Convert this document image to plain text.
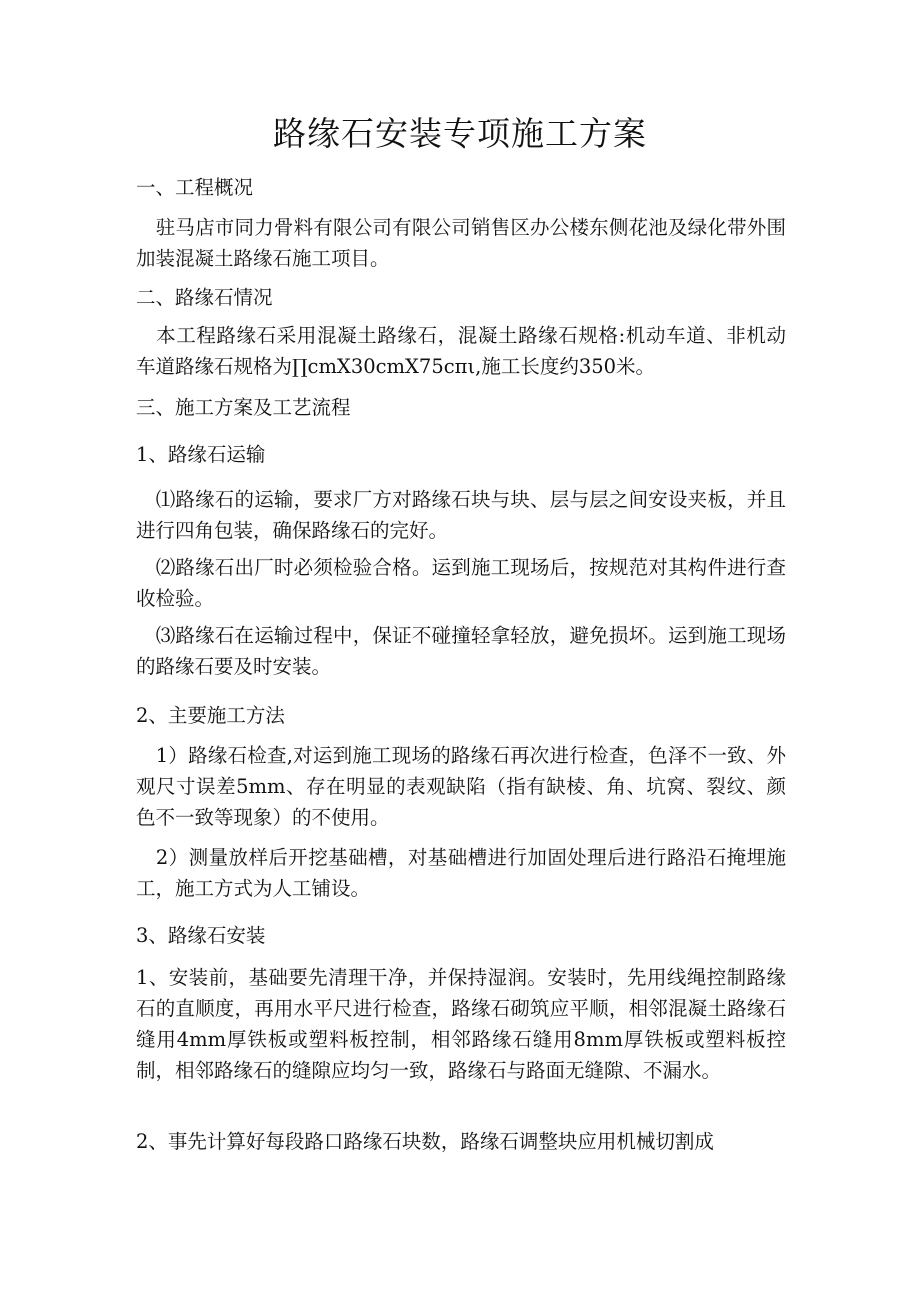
路缘石安装专项施工方案

一、工程概况

　驻马店市同力骨料有限公司有限公司销售区办公楼东侧花池及绿化带外围加装混凝土路缘石施工项目。

二、路缘石情况

　本工程路缘石采用混凝土路缘石，混凝土路缘石规格:机动车道、非机动车道路缘石规格为∏cmX30cmX75cπι,施工长度约350米。

三、施工方案及工艺流程

1、路缘石运输

　⑴路缘石的运输，要求厂方对路缘石块与块、层与层之间安设夹板，并且进行四角包装，确保路缘石的完好。

　⑵路缘石出厂时必须检验合格。运到施工现场后，按规范对其构件进行查收检验。

　⑶路缘石在运输过程中，保证不碰撞轻拿轻放，避免损坏。运到施工现场的路缘石要及时安装。

2、主要施工方法

　1）路缘石检查,对运到施工现场的路缘石再次进行检查，色泽不一致、外观尺寸误差5mm、存在明显的表观缺陷（指有缺棱、角、坑窝、裂纹、颜色不一致等现象）的不使用。

　2）测量放样后开挖基础槽，对基础槽进行加固处理后进行路沿石掩埋施工，施工方式为人工铺设。

3、路缘石安装

1、安装前，基础要先清理干净，并保持湿润。安装时，先用线绳控制路缘石的直顺度，再用水平尺进行检查，路缘石砌筑应平顺，相邻混凝土路缘石缝用4mm厚铁板或塑料板控制，相邻路缘石缝用8mm厚铁板或塑料板控制，相邻路缘石的缝隙应均匀一致，路缘石与路面无缝隙、不漏水。

2、事先计算好每段路口路缘石块数，路缘石调整块应用机械切割成
